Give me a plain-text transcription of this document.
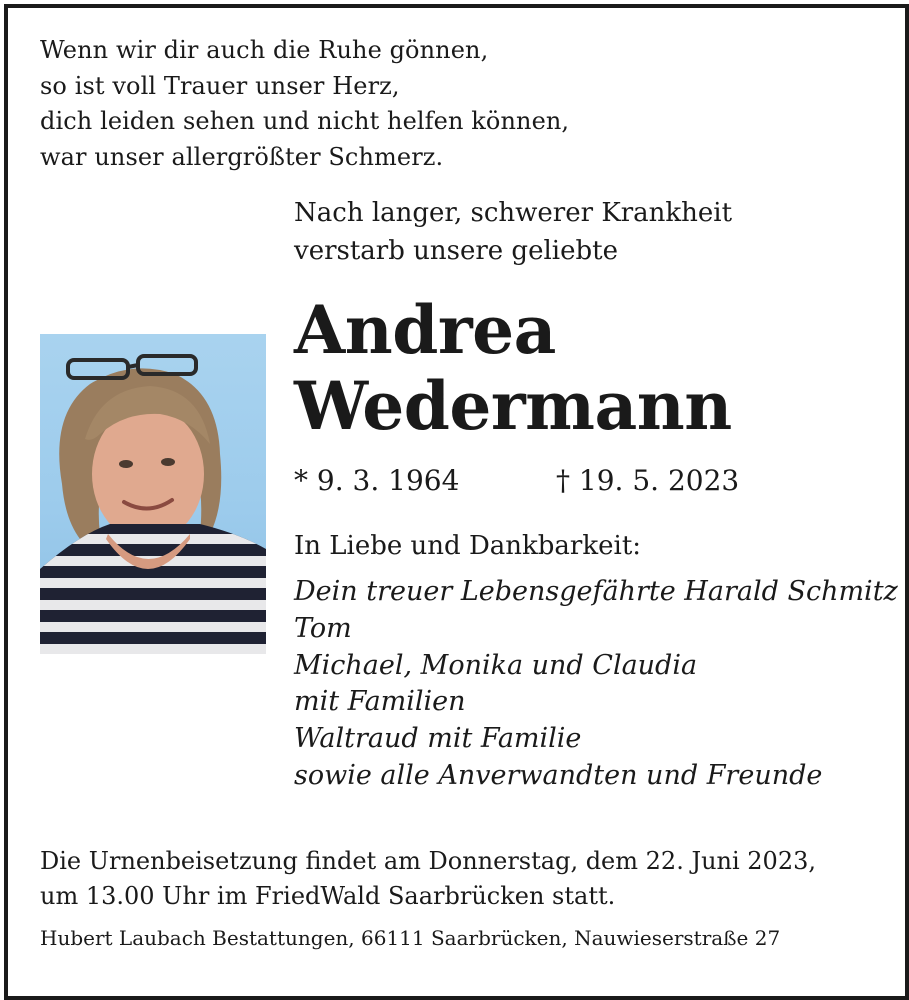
Wenn wir dir auch die Ruhe gönnen,
so ist voll Trauer unser Herz,
dich leiden sehen und nicht helfen können,
war unser allergrößter Schmerz.
Nach langer, schwerer Krankheit
verstarb unsere geliebte
Andrea
Wedermann
* 9. 3. 1964	† 19. 5. 2023
In Liebe und Dankbarkeit:
Dein treuer Lebensgefährte Harald Schmitz
Tom
Michael, Monika und Claudia
mit Familien
Waltraud mit Familie
sowie alle Anverwandten und Freunde
Die Urnenbeisetzung findet am Donnerstag, dem 22. Juni 2023,
um 13.00 Uhr im FriedWald Saarbrücken statt.
Hubert Laubach Bestattungen, 66111 Saarbrücken, Nauwieserstraße 27
